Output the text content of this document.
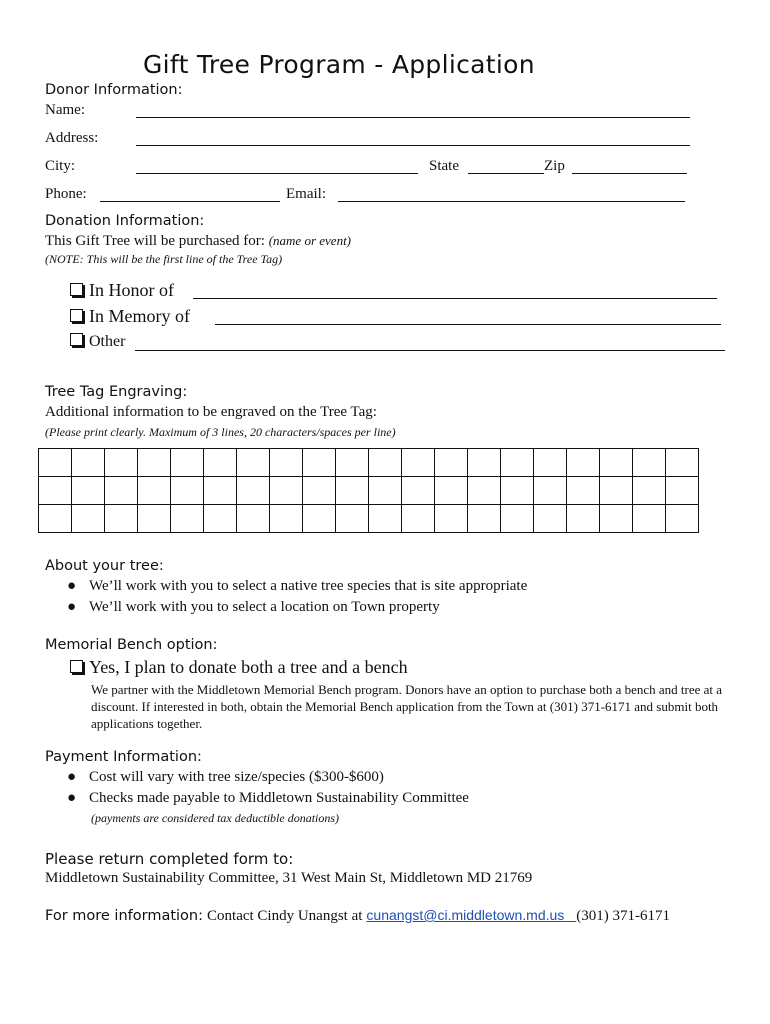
Gift Tree Program - Application
Donor Information:
Name:
Address:
City:	State	Zip
Phone:	Email:
Donation Information:
This Gift Tree will be purchased for: (name or event)
(NOTE: This will be the first line of the Tree Tag)
In Honor of
In Memory of
Other
Tree Tag Engraving:
Additional information to be engraved on the Tree Tag:
(Please print clearly. Maximum of 3 lines, 20 characters/spaces per line)

About your tree:
● We’ll work with you to select a native tree species that is site appropriate
● We’ll work with you to select a location on Town property
Memorial Bench option:
Yes, I plan to donate both a tree and a bench
We partner with the Middletown Memorial Bench program. Donors have an option to purchase both a bench and tree at a discount. If interested in both, obtain the Memorial Bench application from the Town at (301) 371-6171 and submit both applications together.
Payment Information:
● Cost will vary with tree size/species ($300-$600)
● Checks made payable to Middletown Sustainability Committee
(payments are considered tax deductible donations)
Please return completed form to:
Middletown Sustainability Committee, 31 West Main St, Middletown MD 21769
For more information: Contact Cindy Unangst at cunangst@ci.middletown.md.us (301) 371-6171
